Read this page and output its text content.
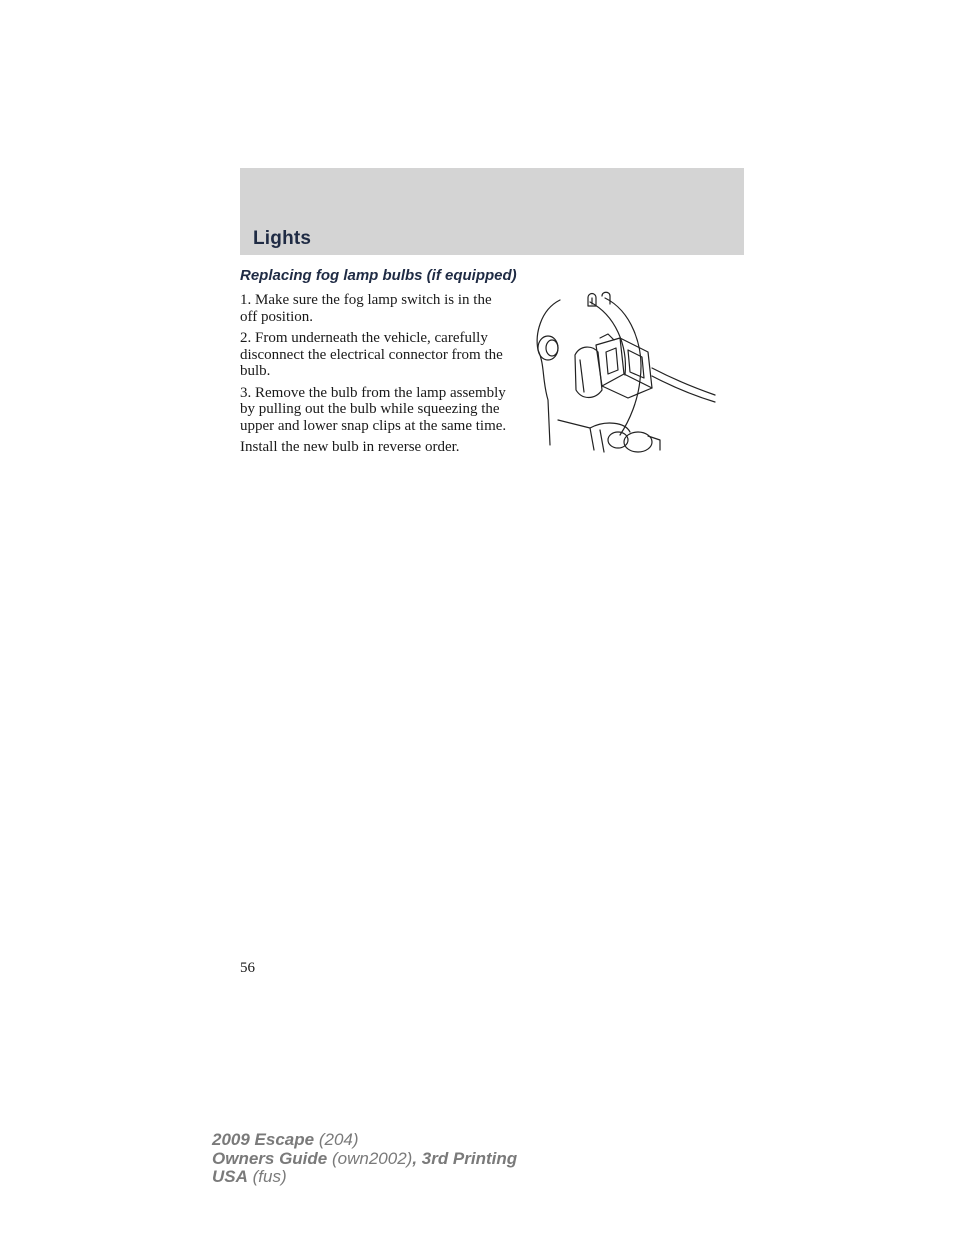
Lights
Replacing fog lamp bulbs (if equipped)

1. Make sure the fog lamp switch is in the off position.

2. From underneath the vehicle, carefully disconnect the electrical connector from the bulb.

3. Remove the bulb from the lamp assembly by pulling out the bulb while squeezing the upper and lower snap clips at the same time.

Install the new bulb in reverse order.

56
2009 Escape (204)
Owners Guide (own2002), 3rd Printing
USA (fus)
